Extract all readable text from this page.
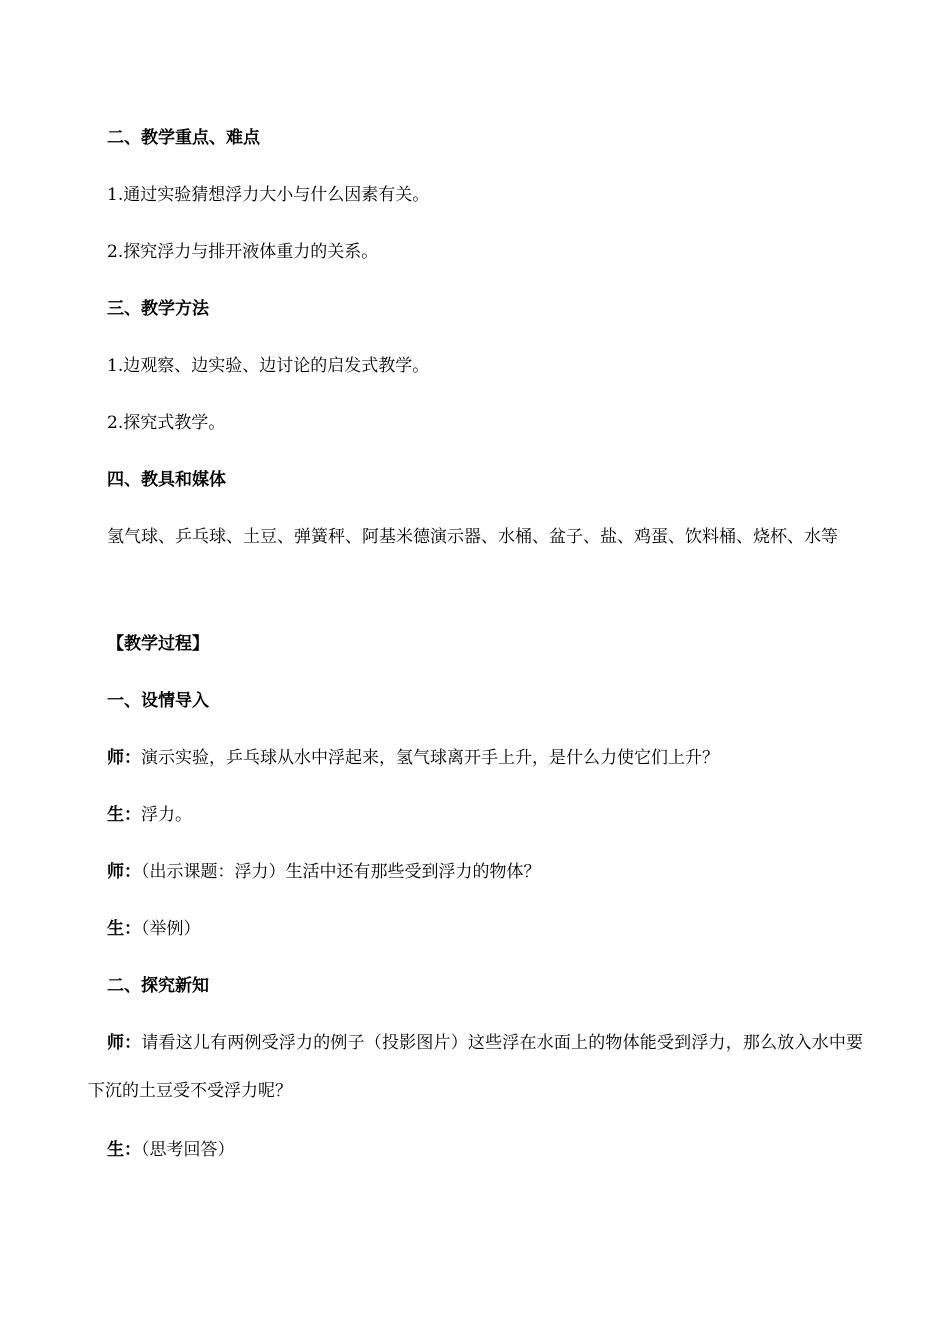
二、教学重点、难点
1.通过实验猜想浮力大小与什么因素有关。
2.探究浮力与排开液体重力的关系。
三、教学方法
1.边观察、边实验、边讨论的启发式教学。
2.探究式教学。
四、教具和媒体
氢气球、乒乓球、土豆、弹簧秤、阿基米德演示器、水桶、盆子、盐、鸡蛋、饮料桶、烧杯、水等
【教学过程】
一、设情导入
师：演示实验，乒乓球从水中浮起来，氢气球离开手上升，是什么力使它们上升？
生：浮力。
师：（出示课题：浮力）生活中还有那些受到浮力的物体？
生：（举例）
二、探究新知
师：请看这儿有两例受浮力的例子（投影图片）这些浮在水面上的物体能受到浮力，那么放入水中要下沉的土豆受不受浮力呢？
生：（思考回答）
